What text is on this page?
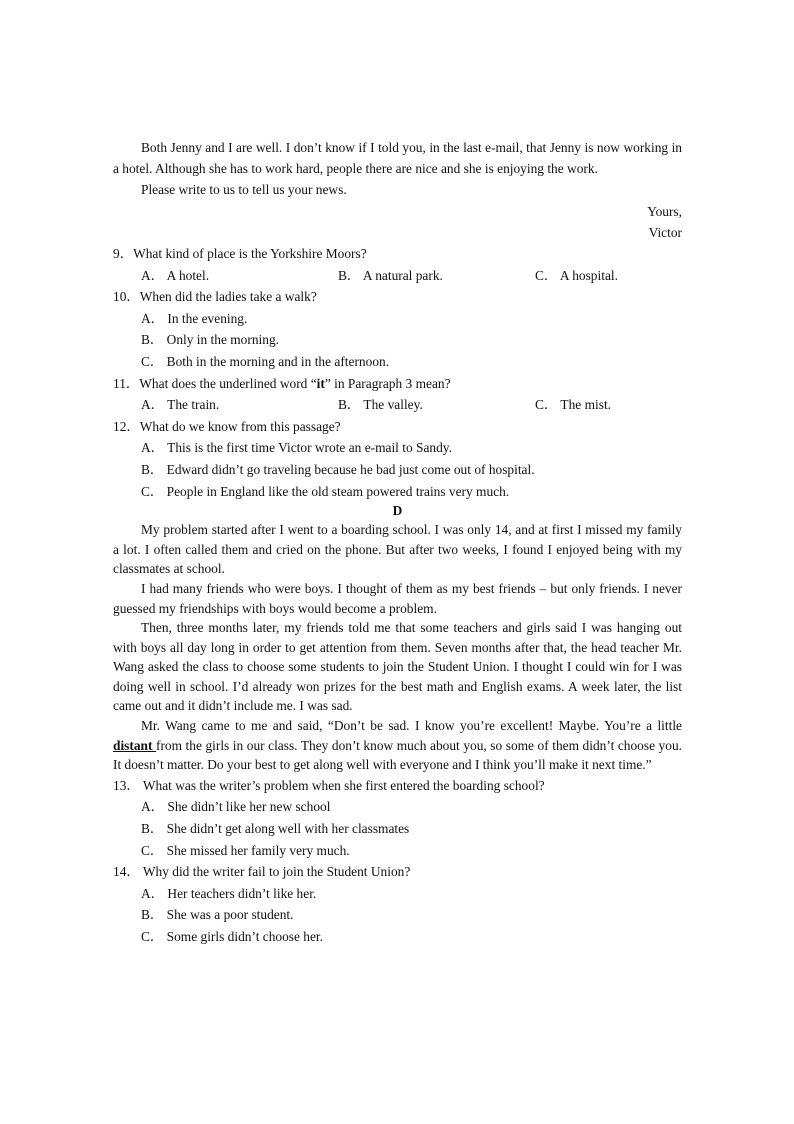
Both Jenny and I are well. I don’t know if I told you, in the last e-mail, that Jenny is now working in a hotel. Although she has to work hard, people there are nice and she is enjoying the work.

Please write to us to tell us your news.

Yours,

Victor

9．What kind of place is the Yorkshire Moors?

A． A hotel.	B． A natural park.	C． A hospital.

10．When did the ladies take a walk?

A． In the evening.

B． Only in the morning.

C． Both in the morning and in the afternoon.

11．What does the underlined word “it” in Paragraph 3 mean?

A． The train.	B． The valley.	C． The mist.

12．What do we know from this passage?

A． This is the first time Victor wrote an e-mail to Sandy.

B． Edward didn’t go traveling because he bad just come out of hospital.

C． People in England like the old steam powered trains very much.

D

My problem started after I went to a boarding school. I was only 14, and at first I missed my family a lot. I often called them and cried on the phone. But after two weeks, I found I enjoyed being with my classmates at school.

I had many friends who were boys. I thought of them as my best friends – but only friends. I never guessed my friendships with boys would become a problem.

Then, three months later, my friends told me that some teachers and girls said I was hanging out with boys all day long in order to get attention from them. Seven months after that, the head teacher Mr. Wang asked the class to choose some students to join the Student Union. I thought I could win for I was doing well in school. I’d already won prizes for the best math and English exams. A week later, the list came out and it didn’t include me. I was sad.

Mr. Wang came to me and said, “Don’t be sad. I know you’re excellent! Maybe. You’re a little distant from the girls in our class. They don’t know much about you, so some of them didn’t choose you. It doesn’t matter. Do your best to get along well with everyone and I think you’ll make it next time.”

13． What was the writer’s problem when she first entered the boarding school?

A． She didn’t like her new school

B． She didn’t get along well with her classmates

C． She missed her family very much.

14． Why did the writer fail to join the Student Union?

A． Her teachers didn’t like her.

B． She was a poor student.

C． Some girls didn’t choose her.
